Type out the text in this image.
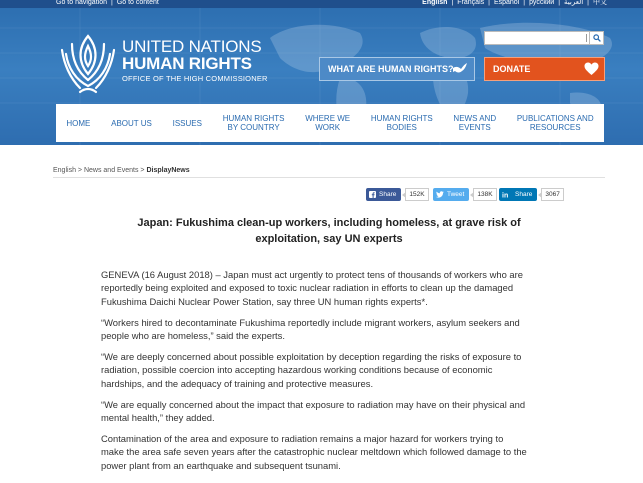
Go to navigation | Go to content	English | Français | Español | русский | العربية | 中文
UNITED NATIONS
HUMAN RIGHTS
OFFICE OF THE HIGH COMMISSIONER
WHAT ARE HUMAN RIGHTS?	DONATE
HOME	ABOUT US	ISSUES	HUMAN RIGHTS
BY COUNTRY
WHERE WE
WORK
HUMAN RIGHTS
BODIES
NEWS AND
EVENTS
PUBLICATIONS AND
RESOURCES
English > News and Events > DisplayNews
Share	152K	Tweet	138K	in Share	3067
Japan: Fukushima clean-up workers, including homeless, at grave risk of
exploitation, say UN experts
GENEVA (16 August 2018) – Japan must act urgently to protect tens of thousands of workers who are
reportedly being exploited and exposed to toxic nuclear radiation in efforts to clean up the damaged
Fukushima Daichi Nuclear Power Station, say three UN human rights experts*.
“Workers hired to decontaminate Fukushima reportedly include migrant workers, asylum seekers and
people who are homeless,” said the experts.
“We are deeply concerned about possible exploitation by deception regarding the risks of exposure to
radiation, possible coercion into accepting hazardous working conditions because of economic
hardships, and the adequacy of training and protective measures.
“We are equally concerned about the impact that exposure to radiation may have on their physical and
mental health,” they added.
Contamination of the area and exposure to radiation remains a major hazard for workers trying to
make the area safe seven years after the catastrophic nuclear meltdown which followed damage to the
power plant from an earthquake and subsequent tsunami.
